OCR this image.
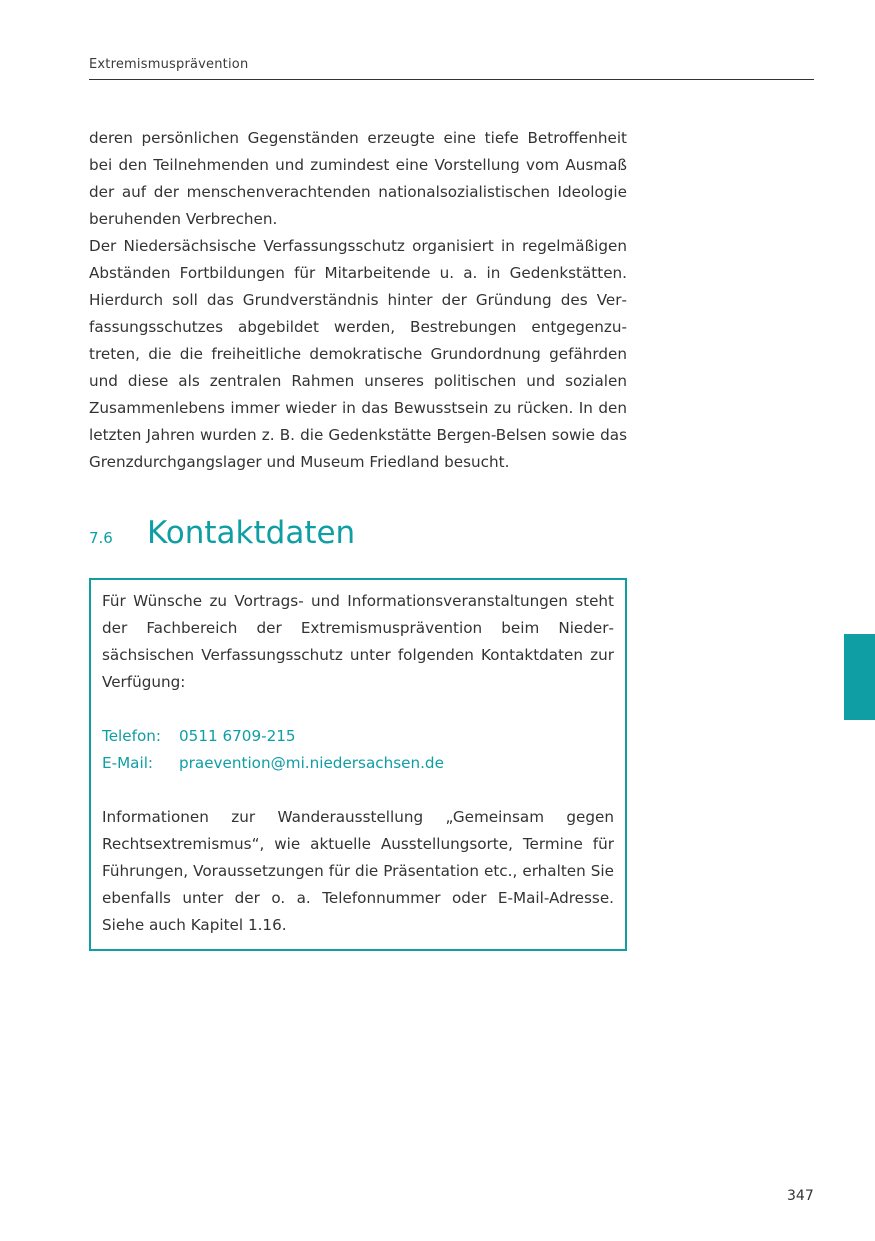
Extremismusprävention

deren persönlichen Gegenständen erzeugte eine tiefe Betroffenheit bei den Teilnehmenden und zumindest eine Vorstellung vom Ausmaß der auf der menschenverachtenden nationalsozialistischen Ideologie beruhenden Verbrechen.

Der Niedersächsische Verfassungsschutz organisiert in regelmäßigen Abständen Fortbildungen für Mitarbeitende u. a. in Gedenkstätten. Hierdurch soll das Grundverständnis hinter der Gründung des Verfassungsschutzes abgebildet werden, Bestrebungen entgegenzutreten, die die freiheitliche demokratische Grundordnung gefährden und diese als zentralen Rahmen unseres politischen und sozialen Zusammenlebens immer wieder in das Bewusstsein zu rücken. In den letzten Jahren wurden z. B. die Gedenkstätte Bergen-Belsen sowie das Grenzdurchgangslager und Museum Friedland besucht.

7.6	Kontaktdaten

Für Wünsche zu Vortrags- und Informationsveranstaltungen steht der Fachbereich der Extremismusprävention beim Niedersächsischen Verfassungsschutz unter folgenden Kontaktdaten zur Verfügung:

Telefon:	0511 6709-215
E-Mail:	praevention@mi.niedersachsen.de

Informationen zur Wanderausstellung „Gemeinsam gegen Rechtsextremismus“, wie aktuelle Ausstellungsorte, Termine für Führungen, Voraussetzungen für die Präsentation etc., erhalten Sie ebenfalls unter der o. a. Telefonnummer oder E-Mail-Adresse. Siehe auch Kapitel 1.16.

347
